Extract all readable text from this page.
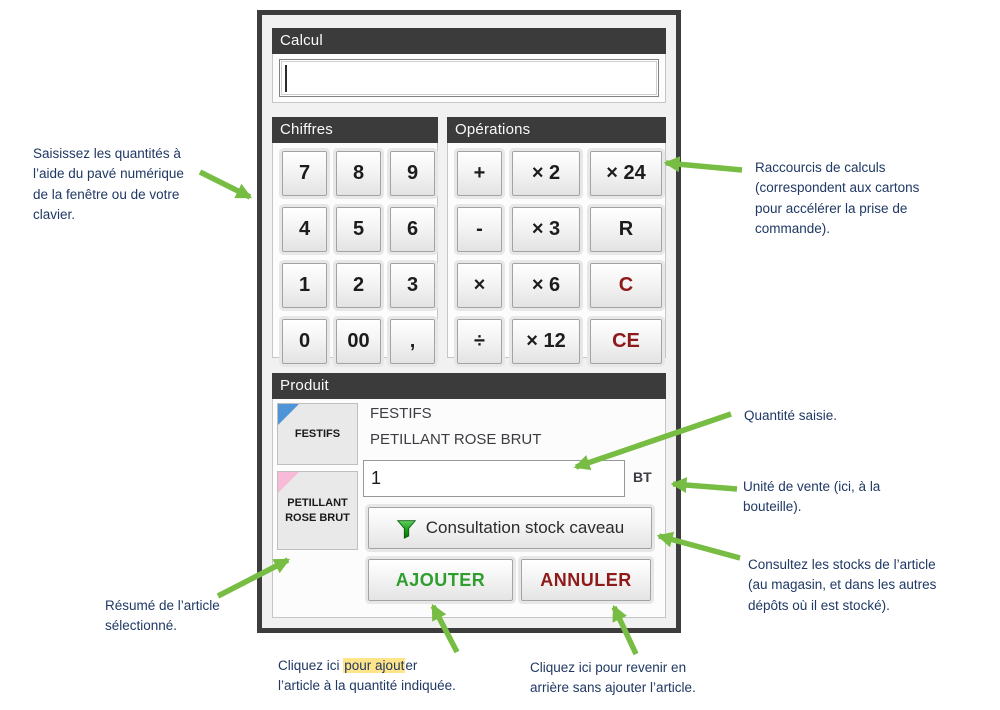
Calcul
Chiffres
7	8	9
4	5	6
1	2	3
0	00	,
Opérations
+	× 2	× 24
-	× 3	R
×	× 6	C
÷	× 12	CE
Produit
FESTIFS
PETILLANT ROSE BRUT
FESTIFS
PETILLANT ROSE BRUT
1
BT
Consultation stock caveau
AJOUTER	ANNULER
Saisissez les quantités à
l’aide du pavé numérique
de la fenêtre ou de votre
clavier.
Raccourcis de calculs
(correspondent aux cartons
pour accélérer la prise de
commande).
Quantité saisie.
Unité de vente (ici, à la
bouteille).
Consultez les stocks de l’article
(au magasin, et dans les autres
dépôts où il est stocké).
Résumé de l’article
sélectionné.
Cliquez ici pour ajouter
l’article à la quantité indiquée.
Cliquez ici pour revenir en
arrière sans ajouter l’article.
